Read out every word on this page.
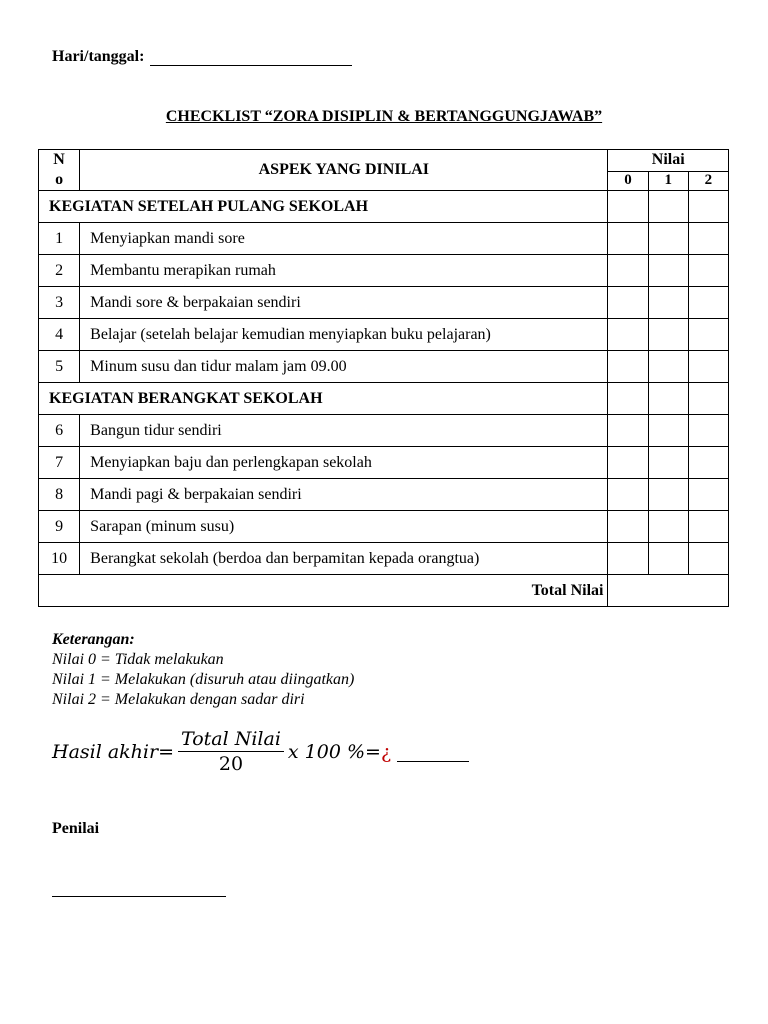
Hari/tanggal:
CHECKLIST “ZORA DISIPLIN & BERTANGGUNGJAWAB”
N
o	ASPEK YANG DINILAI	Nilai		
		0	1	2
KEGIATAN SETELAH PULANG SEKOLAH				
1	Menyiapkan mandi sore			
2	Membantu merapikan rumah			
3	Mandi sore & berpakaian sendiri			
4	Belajar (setelah belajar kemudian menyiapkan buku pelajaran)			
5	Minum susu dan tidur malam jam 09.00			
KEGIATAN BERANGKAT SEKOLAH				
6	Bangun tidur sendiri			
7	Menyiapkan baju dan perlengkapan sekolah			
8	Mandi pagi & berpakaian sendiri			
9	Sarapan (minum susu)			
10	Berangkat sekolah (berdoa dan berpamitan kepada orangtua)			
Total Nilai				
Keterangan:
Nilai 0 = Tidak melakukan
Nilai 1 = Melakukan (disuruh atau diingatkan)
Nilai 2 = Melakukan dengan sadar diri
Hasil akhir = $\frac{\text{Total Nilai}}{20}$ x 100 % = ¿
Penilai
